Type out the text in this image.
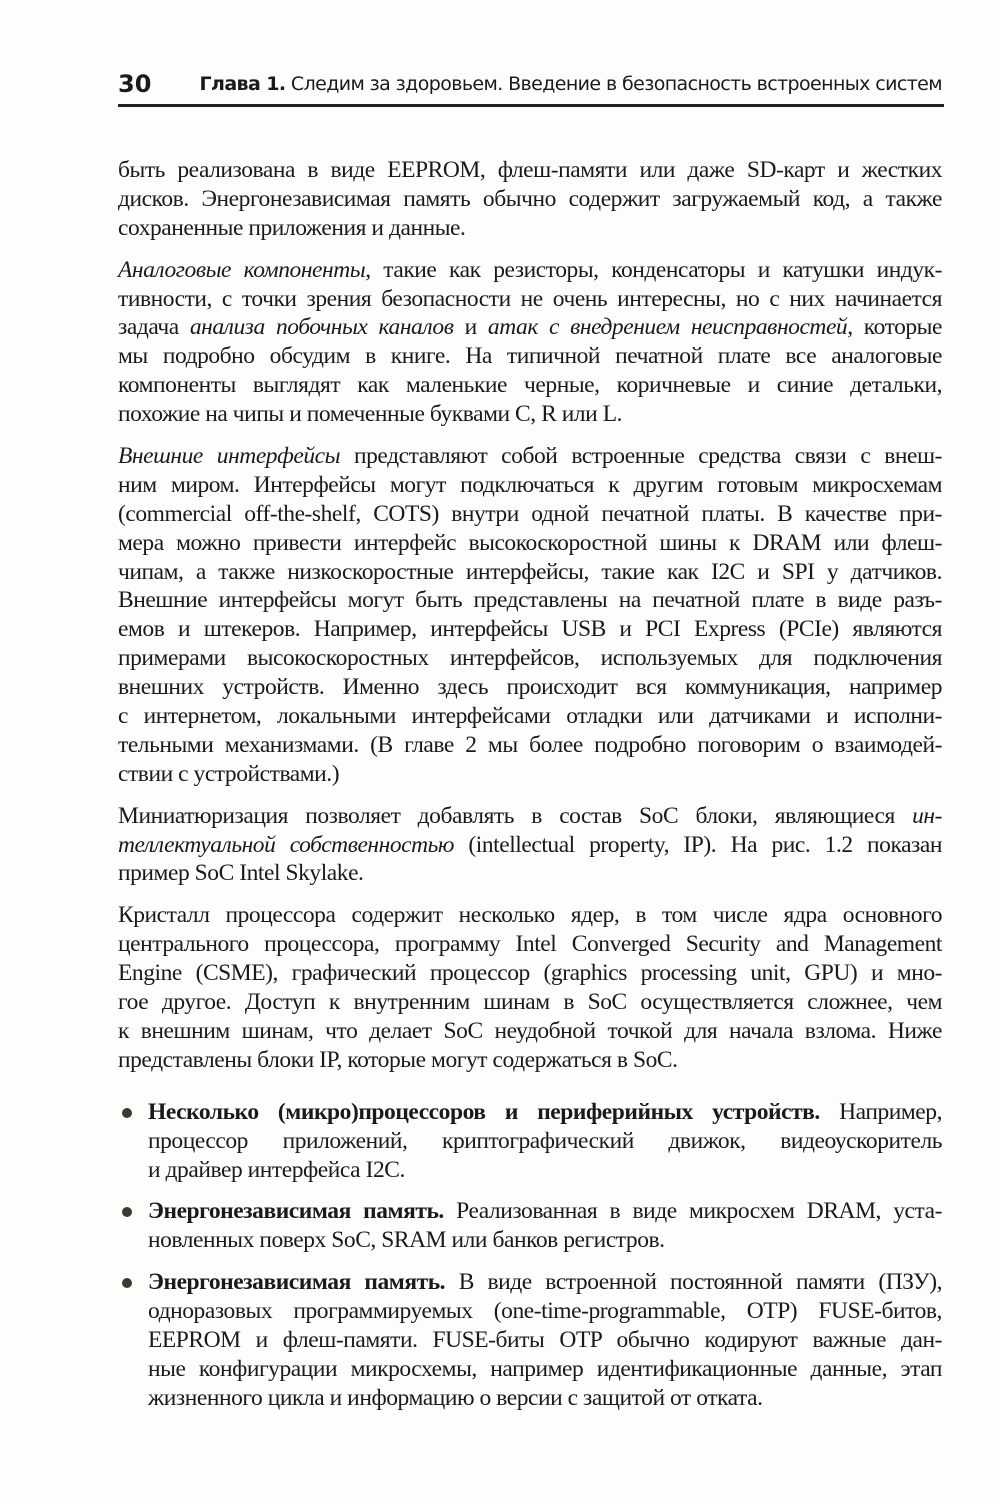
30	Глава 1. Следим за здоровьем. Введение в безопасность встроенных систем
быть реализована в виде EEPROM, флеш-памяти или даже SD-карт и жестких
дисков. Энергонезависимая память обычно содержит загружаемый код, а также
сохраненные приложения и данные.
Аналоговые компоненты, такие как резисторы, конденсаторы и катушки индук-
тивности, с точки зрения безопасности не очень интересны, но с них начинается
задача анализа побочных каналов и атак с внедрением неисправностей, которые
мы подробно обсудим в книге. На типичной печатной плате все аналоговые
компоненты выглядят как маленькие черные, коричневые и синие детальки,
похожие на чипы и помеченные буквами C, R или L.
Внешние интерфейсы представляют собой встроенные средства связи с внеш-
ним миром. Интерфейсы могут подключаться к другим готовым микросхемам
(commercial off-the-shelf, COTS) внутри одной печатной платы. В качестве при-
мера можно привести интерфейс высокоскоростной шины к DRAM или флеш-
чипам, а также низкоскоростные интерфейсы, такие как I2C и SPI у датчиков.
Внешние интерфейсы могут быть представлены на печатной плате в виде разъ-
емов и штекеров. Например, интерфейсы USB и PCI Express (PCIe) являются
примерами высокоскоростных интерфейсов, используемых для подключения
внешних устройств. Именно здесь происходит вся коммуникация, например
с интернетом, локальными интерфейсами отладки или датчиками и исполни-
тельными механизмами. (В главе 2 мы более подробно поговорим о взаимодей-
ствии с устройствами.)
Миниатюризация позволяет добавлять в состав SoC блоки, являющиеся ин-
теллектуальной собственностью (intellectual property, IP). На рис. 1.2 показан
пример SoC Intel Skylake.
Кристалл процессора содержит несколько ядер, в том числе ядра основного
центрального процессора, программу Intel Converged Security and Management
Engine (CSME), графический процессор (graphics processing unit, GPU) и мно-
гое другое. Доступ к внутренним шинам в SoC осуществляется сложнее, чем
к внешним шинам, что делает SoC неудобной точкой для начала взлома. Ниже
представлены блоки IP, которые могут содержаться в SoC.
Несколько (микро)процессоров и периферийных устройств. Например,
процессор приложений, криптографический движок, видеоускоритель
и драйвер интерфейса I2C.
Энергонезависимая память. Реализованная в виде микросхем DRAM, уста-
новленных поверх SoC, SRAM или банков регистров.
Энергонезависимая память. В виде встроенной постоянной памяти (ПЗУ),
одноразовых программируемых (one-time-programmable, OTP) FUSE-битов,
EEPROM и флеш-памяти. FUSE-биты OTP обычно кодируют важные дан-
ные конфигурации микросхемы, например идентификационные данные, этап
жизненного цикла и информацию о версии с защитой от отката.
